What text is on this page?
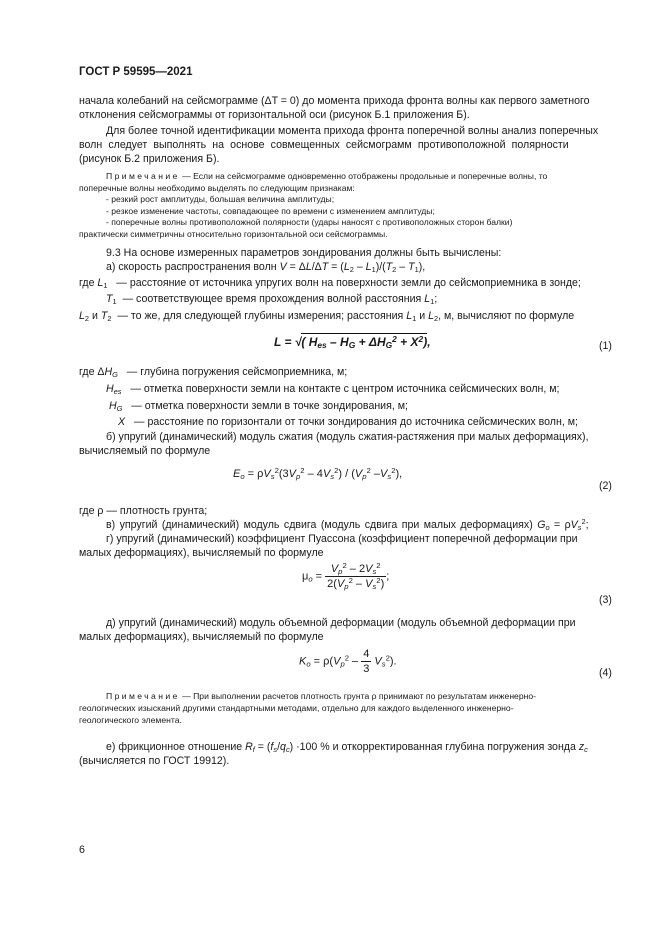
ГОСТ Р 59595—2021
начала колебаний на сейсмограмме (ΔT = 0) до момента прихода фронта волны как первого заметного
отклонения сейсмограммы от горизонтальной оси (рисунок Б.1 приложения Б).
Для более точной идентификации момента прихода фронта поперечной волны анализ поперечных
волн следует выполнять на основе совмещенных сейсмограмм противоположной полярности
(рисунок Б.2 приложения Б).
Примечание — Если на сейсмограмме одновременно отображены продольные и поперечные волны, то
поперечные волны необходимо выделять по следующим признакам:
- резкий рост амплитуды, большая величина амплитуды;
- резкое изменение частоты, совпадающее по времени с изменением амплитуды;
- поперечные волны противоположной полярности (удары наносят с противоположных сторон балки)
практически симметричны относительно горизонтальной оси сейсмограммы.
9.3 На основе измеренных параметров зондирования должны быть вычислены:
а) скорость распространения волн $V = \Delta L/\Delta T = (L_2 - L_1)/(T_2 - T_1)$,
где $L_1$ — расстояние от источника упругих волн на поверхности земли до сейсмоприемника в зонде;
$T_1$ — соответствующее время прохождения волной расстояния $L_1$;
$L_2$ и $T_2$ — то же, для следующей глубины измерения; расстояния $L_1$ и $L_2$, м, вычисляют по формуле
L = √( $H_{es} - H_G + \Delta H_G^2 + X^2$),	(1)
где $\Delta H_G$ — глубина погружения сейсмоприемника, м;
$H_{es}$ — отметка поверхности земли на контакте с центром источника сейсмических волн, м;
$H_G$ — отметка поверхности земли в точке зондирования, м;
X — расстояние по горизонтали от точки зондирования до источника сейсмических волн, м;
б) упругий (динамический) модуль сжатия (модуль сжатия-растяжения при малых деформациях),
вычисляемый по формуле
$E_o = \rho V_s^2(3V_p^2 - 4V_s^2) / (V_p^2$ $-V_s^2$),
(2)
где ρ — плотность грунта;
в) упругий (динамический) модуль сдвига (модуль сдвига при малых деформациях) $G_o = \rho V_s^2$;
г) упругий (динамический) коэффициент Пуассона (коэффициент поперечной деформации при
малых деформациях), вычисляемый по формуле
$\mu_o = \frac{V_p^2 - 2V_s^2}{2(V_p^2 - V_s^2)}$ ;
(3)
д) упругий (динамический) модуль объемной деформации (модуль объемной деформации при
малых деформациях), вычисляемый по формуле
$K_o = \rho(V_p^2 - \frac{4}{3} V_s^2)$.
(4)
Примечание — При выполнении расчетов плотность грунта ρ принимают по результатам инженерно-
геологических изысканий другими стандартными методами, отдельно для каждого выделенного инженерно-
геологического элемента.
е) фрикционное отношение $R_f = (f_s/q_c) \cdot 100$ % и откорректированная глубина погружения зонда $z_c$
(вычисляется по ГОСТ 19912).
6
